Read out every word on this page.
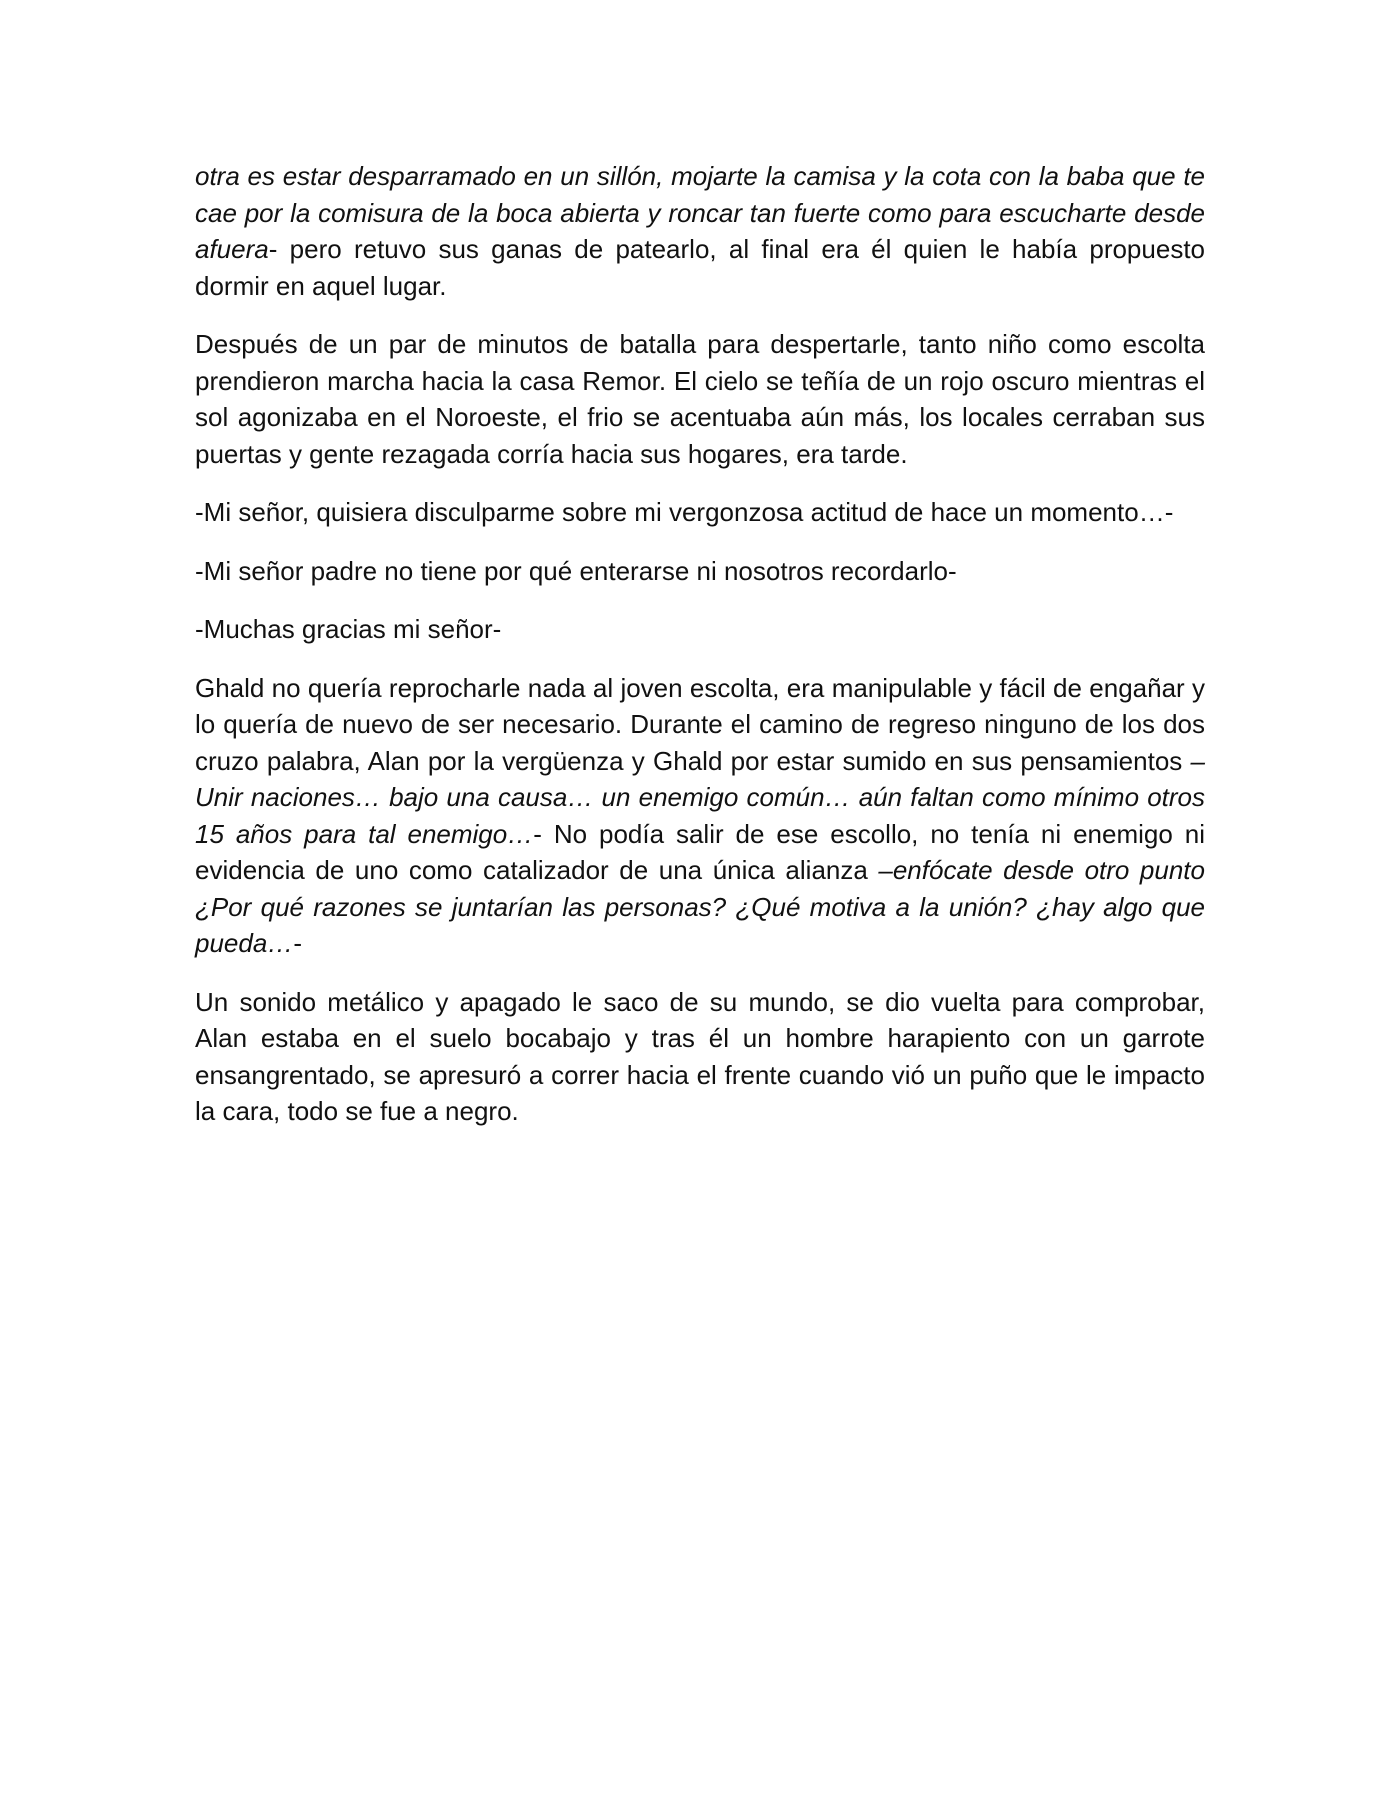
otra es estar desparramado en un sillón, mojarte la camisa y la cota con la baba que te cae por la comisura de la boca abierta y roncar tan fuerte como para escucharte desde afuera- pero retuvo sus ganas de patearlo, al final era él quien le había propuesto dormir en aquel lugar.

Después de un par de minutos de batalla para despertarle, tanto niño como escolta prendieron marcha hacia la casa Remor. El cielo se teñía de un rojo oscuro mientras el sol agonizaba en el Noroeste, el frio se acentuaba aún más, los locales cerraban sus puertas y gente rezagada corría hacia sus hogares, era tarde.

-Mi señor, quisiera disculparme sobre mi vergonzosa actitud de hace un momento…-

-Mi señor padre no tiene por qué enterarse ni nosotros recordarlo-

-Muchas gracias mi señor-

Ghald no quería reprocharle nada al joven escolta, era manipulable y fácil de engañar y lo quería de nuevo de ser necesario. Durante el camino de regreso ninguno de los dos cruzo palabra, Alan por la vergüenza y Ghald por estar sumido en sus pensamientos –Unir naciones… bajo una causa… un enemigo común… aún faltan como mínimo otros 15 años para tal enemigo…- No podía salir de ese escollo, no tenía ni enemigo ni evidencia de uno como catalizador de una única alianza –enfócate desde otro punto ¿Por qué razones se juntarían las personas? ¿Qué motiva a la unión? ¿hay algo que pueda…-

Un sonido metálico y apagado le saco de su mundo, se dio vuelta para comprobar, Alan estaba en el suelo bocabajo y tras él un hombre harapiento con un garrote ensangrentado, se apresuró a correr hacia el frente cuando vió un puño que le impacto la cara, todo se fue a negro.
